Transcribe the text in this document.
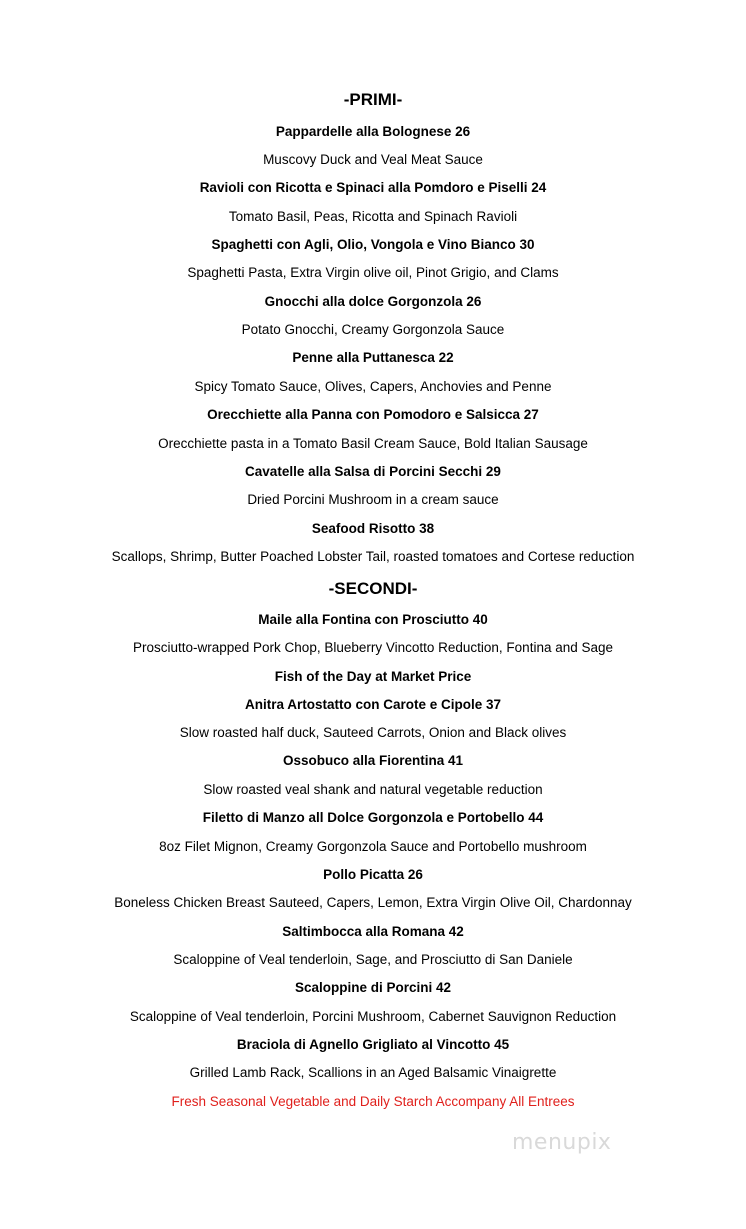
-PRIMI-
Pappardelle alla Bolognese 26
Muscovy Duck and Veal Meat Sauce
Ravioli con Ricotta e Spinaci alla Pomdoro e Piselli 24
Tomato Basil, Peas, Ricotta and Spinach Ravioli
Spaghetti con Agli, Olio, Vongola e Vino Bianco 30
Spaghetti Pasta, Extra Virgin olive oil, Pinot Grigio, and Clams
Gnocchi alla dolce Gorgonzola 26
Potato Gnocchi, Creamy Gorgonzola Sauce
Penne alla Puttanesca 22
Spicy Tomato Sauce, Olives, Capers, Anchovies and Penne
Orecchiette alla Panna con Pomodoro e Salsicca 27
Orecchiette pasta in a Tomato Basil Cream Sauce, Bold Italian Sausage
Cavatelle alla Salsa di Porcini Secchi 29
Dried Porcini Mushroom in a cream sauce
Seafood Risotto 38
Scallops, Shrimp, Butter Poached Lobster Tail, roasted tomatoes and Cortese reduction
-SECONDI-
Maile alla Fontina con Prosciutto 40
Prosciutto-wrapped Pork Chop, Blueberry Vincotto Reduction, Fontina and Sage
Fish of the Day at Market Price
Anitra Artostatto con Carote e Cipole 37
Slow roasted half duck, Sauteed Carrots, Onion and Black olives
Ossobuco alla Fiorentina 41
Slow roasted veal shank and natural vegetable reduction
Filetto di Manzo all Dolce Gorgonzola e Portobello 44
8oz Filet Mignon, Creamy Gorgonzola Sauce and Portobello mushroom
Pollo Picatta 26
Boneless Chicken Breast Sauteed, Capers, Lemon, Extra Virgin Olive Oil, Chardonnay
Saltimbocca alla Romana 42
Scaloppine of Veal tenderloin, Sage, and Prosciutto di San Daniele
Scaloppine di Porcini 42
Scaloppine of Veal tenderloin, Porcini Mushroom, Cabernet Sauvignon Reduction
Braciola di Agnello Grigliato al Vincotto 45
Grilled Lamb Rack, Scallions in an Aged Balsamic Vinaigrette
Fresh Seasonal Vegetable and Daily Starch Accompany All Entrees
menupix
